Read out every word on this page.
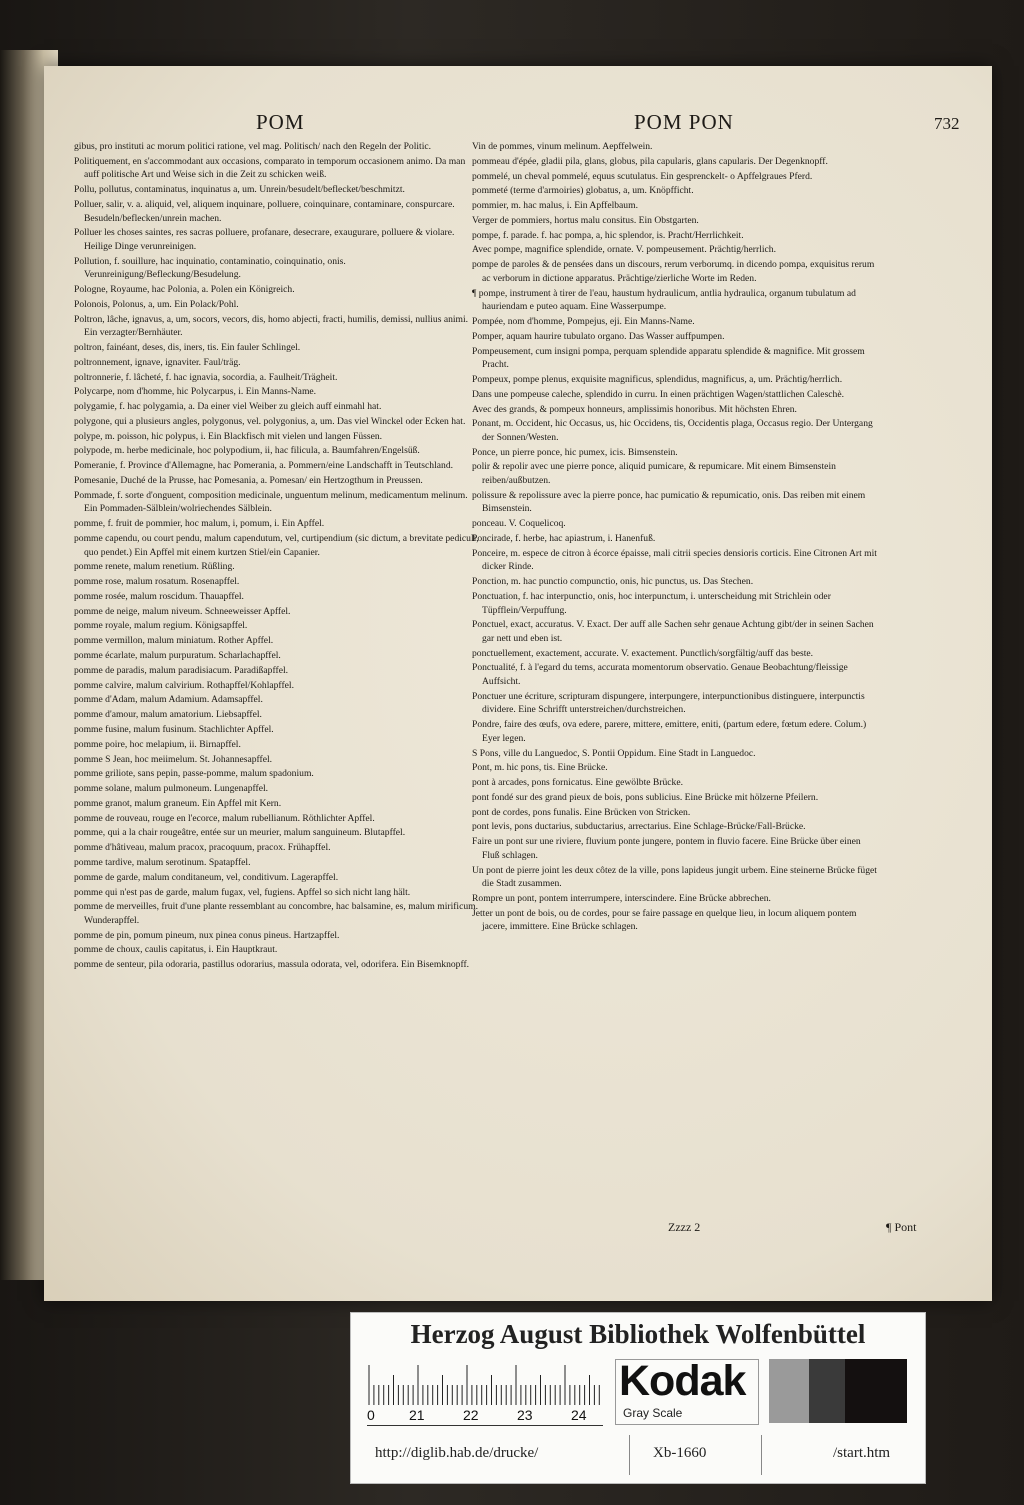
POM	POM PON	732
gibus, pro instituti ac morum politici ratione, vel mag. Politisch/ nach den Regeln der Politic.
Politiquement, en s'accommodant aux occasions, comparato in temporum occasionem animo. Da man auff politische Art und Weise sich in die Zeit zu schicken weiß.
Pollu, pollutus, contaminatus, inquinatus a, um. Unrein/besudelt/beflecket/beschmitzt.
Polluer, salir, v. a. aliquid, vel, aliquem inquinare, polluere, coinquinare, contaminare, conspurcare. Besudeln/beflecken/unrein machen.
Polluer les choses saintes, res sacras polluere, profanare, desecrare, exaugurare, polluere & violare. Heilige Dinge verunreinigen.
Pollution, f. souillure, hac inquinatio, contaminatio, coinquinatio, onis. Verunreinigung/Befleckung/Besudelung.
Pologne, Royaume, hac Polonia, a. Polen ein Königreich.
Polonois, Polonus, a, um. Ein Polack/Pohl.
Poltron, lâche, ignavus, a, um, socors, vecors, dis, homo abjecti, fracti, humilis, demissi, nullius animi. Ein verzagter/Bernhäuter.
poltron, fainéant, deses, dis, iners, tis. Ein fauler Schlingel.
poltronnement, ignave, ignaviter. Faul/träg.
poltronnerie, f. lâcheté, f. hac ignavia, socordia, a. Faulheit/Trägheit.
Polycarpe, nom d'homme, hic Polycarpus, i. Ein Manns-Name.
polygamie, f. hac polygamia, a. Da einer viel Weiber zu gleich auff einmahl hat.
polygone, qui a plusieurs angles, polygonus, vel. polygonius, a, um. Das viel Winckel oder Ecken hat.
polype, m. poisson, hic polypus, i. Ein Blackfisch mit vielen und langen Füssen.
polypode, m. herbe medicinale, hoc polypodium, ii, hac filicula, a. Baumfahren/Engelsüß.
Pomeranie, f. Province d'Allemagne, hac Pomerania, a. Pommern/eine Landschafft in Teutschland.
Pomesanie, Duché de la Prusse, hac Pomesania, a. Pomesan/ ein Hertzogthum in Preussen.
Pommade, f. sorte d'onguent, composition medicinale, unguentum melinum, medicamentum melinum. Ein Pommaden-Sälblein/wolriechendes Sälblein.
pomme, f. fruit de pommier, hoc malum, i, pomum, i. Ein Apffel.
pomme capendu, ou court pendu, malum capendutum, vel, curtipendium (sic dictum, a brevitate pediculi, quo pendet.) Ein Apffel mit einem kurtzen Stiel/ein Capanier.
pomme renete, malum renetium. Rüßling.
pomme rose, malum rosatum. Rosenapffel.
pomme rosée, malum roscidum. Thauapffel.
pomme de neige, malum niveum. Schneeweisser Apffel.
pomme royale, malum regium. Königsapffel.
pomme vermillon, malum miniatum. Rother Apffel.
pomme écarlate, malum purpuratum. Scharlachapffel.
pomme de paradis, malum paradisiacum. Paradißapffel.
pomme calvire, malum calvirium. Rothapffel/Kohlapffel.
pomme d'Adam, malum Adamium. Adamsapffel.
pomme d'amour, malum amatorium. Liebsapffel.
pomme fusine, malum fusinum. Stachlichter Apffel.
pomme poire, hoc melapium, ii. Birnapffel.
pomme S Jean, hoc meiimelum. St. Johannesapffel.
pomme griliote, sans pepin, passe-pomme, malum spadonium.
pomme solane, malum pulmoneum. Lungenapffel.
pomme granot, malum graneum. Ein Apffel mit Kern.
pomme de rouveau, rouge en l'ecorce, malum rubellianum. Röthlichter Apffel.
pomme, qui a la chair rougeâtre, entée sur un meurier, malum sanguineum. Blutapffel.
pomme d'hâtiveau, malum pracox, pracoquum, pracox. Frühapffel.
pomme tardive, malum serotinum. Spatapffel.
pomme de garde, malum conditaneum, vel, conditivum. Lagerapffel.
pomme qui n'est pas de garde, malum fugax, vel, fugiens. Apffel so sich nicht lang hält.
pomme de merveilles, fruit d'une plante ressemblant au concombre, hac balsamine, es, malum mirificum. Wunderapffel.
pomme de pin, pomum pineum, nux pinea conus pineus. Hartzapffel.
pomme de choux, caulis capitatus, i. Ein Hauptkraut.
pomme de senteur, pila odoraria, pastillus odorarius, massula odorata, vel, odorifera. Ein Bisemknopff.
Vin de pommes, vinum melinum. Aepffelwein.
pommeau d'épée, gladii pila, glans, globus, pila capularis, glans capularis. Der Degenknopff.
pommelé, un cheval pommelé, equus scutulatus. Ein gesprenckelt- o Apffelgraues Pferd.
pommeté (terme d'armoiries) globatus, a, um. Knöpfficht.
pommier, m. hac malus, i. Ein Apffelbaum.
Verger de pommiers, hortus malu consitus. Ein Obstgarten.
pompe, f. parade. f. hac pompa, a, hic splendor, is. Pracht/Herrlichkeit.
Avec pompe, magnifice splendide, ornate. V. pompeusement. Prächtig/herrlich.
pompe de paroles & de pensées dans un discours, rerum verborumq. in dicendo pompa, exquisitus rerum ac verborum in dictione apparatus. Prächtige/zierliche Worte im Reden.
¶ pompe, instrument à tirer de l'eau, haustum hydraulicum, antlia hydraulica, organum tubulatum ad hauriendam e puteo aquam. Eine Wasserpumpe.
Pompée, nom d'homme, Pompejus, eji. Ein Manns-Name.
Pomper, aquam haurire tubulato organo. Das Wasser auffpumpen.
Pompeusement, cum insigni pompa, perquam splendide apparatu splendide & magnifice. Mit grossem Pracht.
Pompeux, pompe plenus, exquisite magnificus, splendidus, magnificus, a, um. Prächtig/herrlich.
Dans une pompeuse caleche, splendido in curru. In einen prächtigen Wagen/stattlichen Caleschè.
Avec des grands, & pompeux honneurs, amplissimis honoribus. Mit höchsten Ehren.
Ponant, m. Occident, hic Occasus, us, hic Occidens, tis, Occidentis plaga, Occasus regio. Der Untergang der Sonnen/Westen.
Ponce, un pierre ponce, hic pumex, icis. Bimsenstein.
polir & repolir avec une pierre ponce, aliquid pumicare, & repumicare. Mit einem Bimsenstein reiben/außbutzen.
polissure & repolissure avec la pierre ponce, hac pumicatio & repumicatio, onis. Das reiben mit einem Bimsenstein.
ponceau. V. Coquelicoq.
Poncirade, f. herbe, hac apiastrum, i. Hanenfuß.
Ponceire, m. espece de citron à écorce épaisse, mali citrii species densioris corticis. Eine Citronen Art mit dicker Rinde.
Ponction, m. hac punctio compunctio, onis, hic punctus, us. Das Stechen.
Ponctuation, f. hac interpunctio, onis, hoc interpunctum, i. unterscheidung mit Strichlein oder Tüpfflein/Verpuffung.
Ponctuel, exact, accuratus. V. Exact. Der auff alle Sachen sehr genaue Achtung gibt/der in seinen Sachen gar nett und eben ist.
ponctuellement, exactement, accurate. V. exactement. Punctlich/sorgfältig/auff das beste.
Ponctualité, f. à l'egard du tems, accurata momentorum observatio. Genaue Beobachtung/fleissige Auffsicht.
Ponctuer une écriture, scripturam dispungere, interpungere, interpunctionibus distinguere, interpunctis dividere. Eine Schrifft unterstreichen/durchstreichen.
Pondre, faire des œufs, ova edere, parere, mittere, emittere, eniti, (partum edere, fœtum edere. Colum.) Eyer legen.
S Pons, ville du Languedoc, S. Pontii Oppidum. Eine Stadt in Languedoc.
Pont, m. hic pons, tis. Eine Brücke.
pont à arcades, pons fornicatus. Eine gewölbte Brücke.
pont fondé sur des grand pieux de bois, pons sublicius. Eine Brücke mit hölzerne Pfeilern.
pont de cordes, pons funalis. Eine Brücken von Stricken.
pont levis, pons ductarius, subductarius, arrectarius. Eine Schlage-Brücke/Fall-Brücke.
Faire un pont sur une riviere, fluvium ponte jungere, pontem in fluvio facere. Eine Brücke über einen Fluß schlagen.
Un pont de pierre joint les deux côtez de la ville, pons lapideus jungit urbem. Eine steinerne Brücke füget die Stadt zusammen.
Rompre un pont, pontem interrumpere, interscindere. Eine Brücke abbrechen.
Jetter un pont de bois, ou de cordes, pour se faire passage en quelque lieu, in locum aliquem pontem jacere, immittere. Eine Brücke schlagen.
Zzzz 2	¶ Pont
Herzog August Bibliothek Wolfenbüttel
0 21	22	23	24
Kodak
Gray Scale
http://diglib.hab.de/drucke/	Xb-1660	/start.htm
